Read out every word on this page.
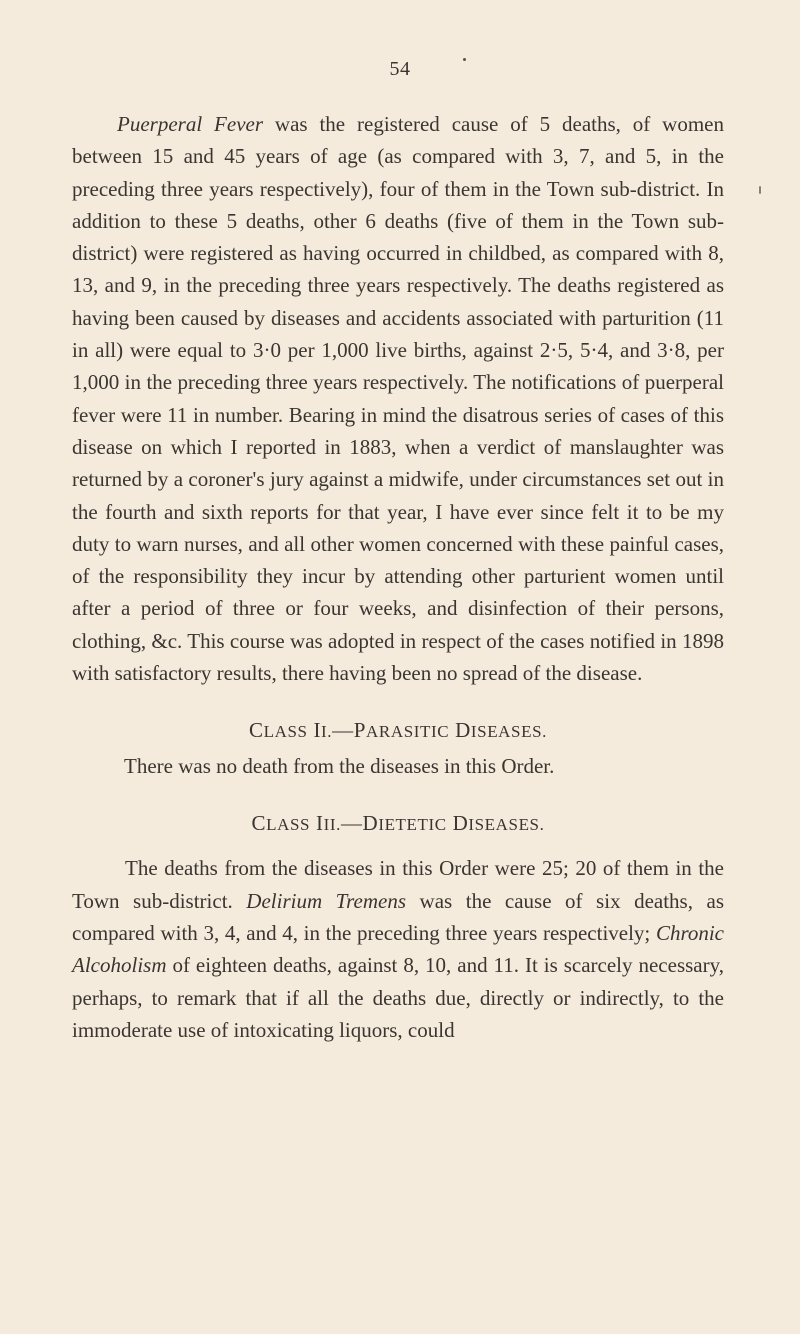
54

Puerperal Fever was the registered cause of 5 deaths, of women between 15 and 45 years of age (as compared with 3, 7, and 5, in the preceding three years respectively), four of them in the Town sub-district. In addition to these 5 deaths, other 6 deaths (five of them in the Town sub-district) were registered as having occurred in childbed, as compared with 8, 13, and 9, in the preceding three years respectively. The deaths registered as having been caused by diseases and accidents associated with parturition (11 in all) were equal to 3·0 per 1,000 live births, against 2·5, 5·4, and 3·8, per 1,000 in the preceding three years respectively. The notifications of puerperal fever were 11 in number. Bearing in mind the disatrous series of cases of this disease on which I reported in 1883, when a verdict of manslaughter was returned by a coroner's jury against a midwife, under circumstances set out in the fourth and sixth reports for that year, I have ever since felt it to be my duty to warn nurses, and all other women concerned with these painful cases, of the responsibility they incur by attending other parturient women until after a period of three or four weeks, and disinfection of their persons, clothing, &c. This course was adopted in respect of the cases notified in 1898 with satisfactory results, there having been no spread of the disease.

CLASS II.—PARASITIC DISEASES.

There was no death from the diseases in this Order.

CLASS III.—DIETETIC DISEASES.

The deaths from the diseases in this Order were 25; 20 of them in the Town sub-district. Delirium Tremens was the cause of six deaths, as compared with 3, 4, and 4, in the preceding three years respectively; Chronic Alcoholism of eighteen deaths, against 8, 10, and 11. It is scarcely necessary, perhaps, to remark that if all the deaths due, directly or indirectly, to the immoderate use of intoxicating liquors, could
